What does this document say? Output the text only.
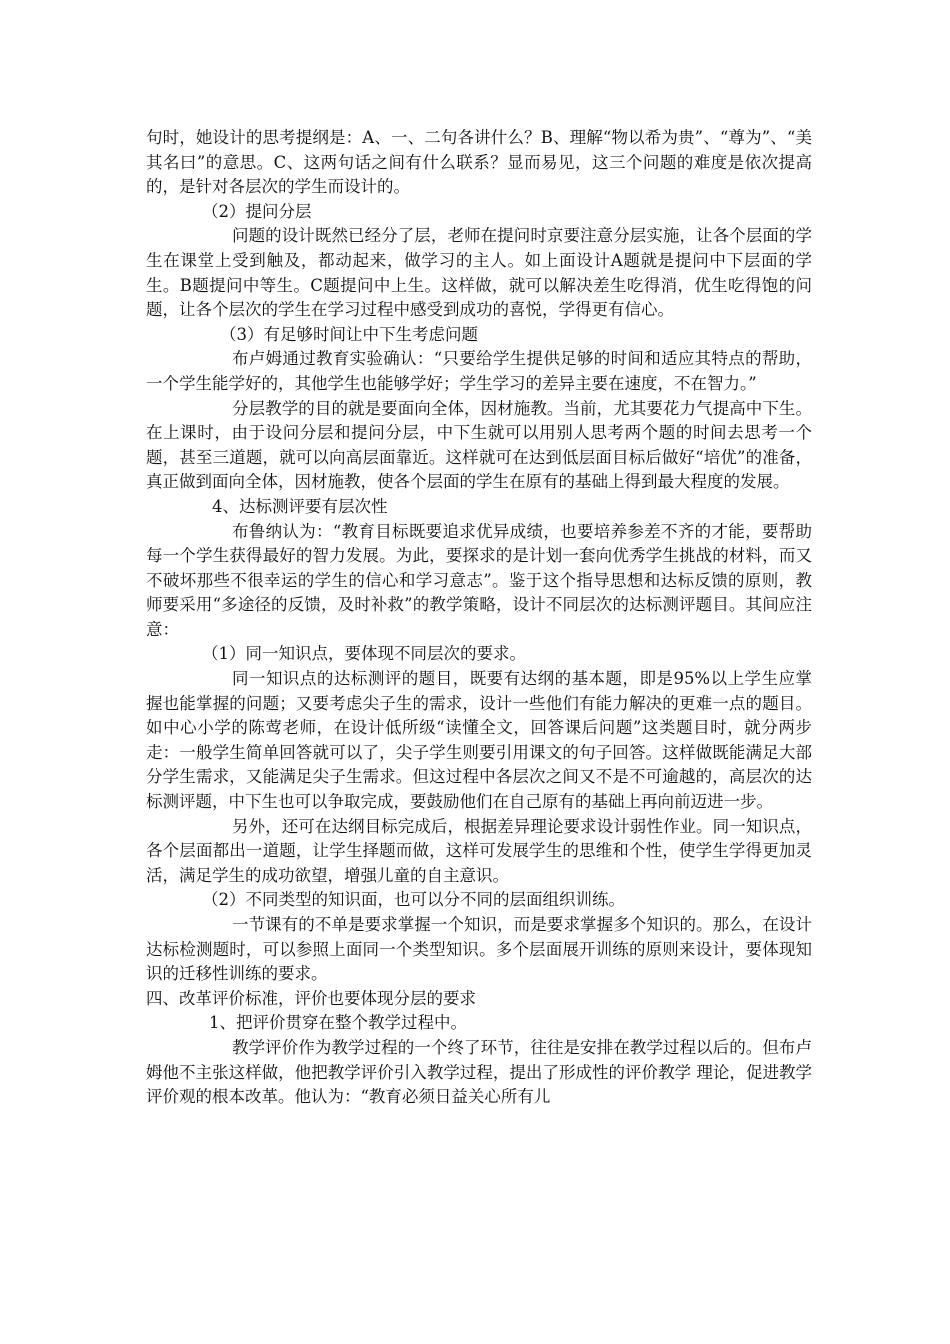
句时，她设计的思考提纲是：A、一、二句各讲什么？B、理解“物以希为贵”、“尊为”、“美其名曰”的意思。C、这两句话之间有什么联系？显而易见，这三个问题的难度是依次提高的，是针对各层次的学生而设计的。

（2）提问分层

问题的设计既然已经分了层，老师在提问时京要注意分层实施，让各个层面的学生在课堂上受到触及，都动起来，做学习的主人。如上面设计A题就是提问中下层面的学生。B题提问中等生。C题提问中上生。这样做，就可以解决差生吃得消，优生吃得饱的问题，让各个层次的学生在学习过程中感受到成功的喜悦，学得更有信心。

（3）有足够时间让中下生考虑问题

布卢姆通过教育实验确认：“只要给学生提供足够的时间和适应其特点的帮助，一个学生能学好的，其他学生也能够学好；学生学习的差异主要在速度，不在智力。”

分层教学的目的就是要面向全体，因材施教。当前，尤其要花力气提高中下生。在上课时，由于设问分层和提问分层，中下生就可以用别人思考两个题的时间去思考一个题，甚至三道题，就可以向高层面靠近。这样就可在达到低层面目标后做好“培优”的准备，真正做到面向全体，因材施教，使各个层面的学生在原有的基础上得到最大程度的发展。

4、达标测评要有层次性

布鲁纳认为：“教育目标既要追求优异成绩，也要培养参差不齐的才能，要帮助每一个学生获得最好的智力发展。为此，要探求的是计划一套向优秀学生挑战的材料，而又不破坏那些不很幸运的学生的信心和学习意志”。鉴于这个指导思想和达标反馈的原则，教师要采用“多途径的反馈，及时补救”的教学策略，设计不同层次的达标测评题目。其间应注意：

（1）同一知识点，要体现不同层次的要求。

同一知识点的达标测评的题目，既要有达纲的基本题，即是95%以上学生应掌握也能掌握的问题；又要考虑尖子生的需求，设计一些他们有能力解决的更难一点的题目。如中心小学的陈莺老师，在设计低所级“读懂全文，回答课后问题”这类题目时，就分两步走：一般学生简单回答就可以了，尖子学生则要引用课文的句子回答。这样做既能满足大部分学生需求，又能满足尖子生需求。但这过程中各层次之间又不是不可逾越的，高层次的达标测评题，中下生也可以争取完成，要鼓励他们在自己原有的基础上再向前迈进一步。

另外，还可在达纲目标完成后，根据差异理论要求设计弱性作业。同一知识点，各个层面都出一道题，让学生择题而做，这样可发展学生的思维和个性，使学生学得更加灵活，满足学生的成功欲望，增强儿童的自主意识。

（2）不同类型的知识面，也可以分不同的层面组织训练。

一节课有的不单是要求掌握一个知识，而是要求掌握多个知识的。那么，在设计达标检测题时，可以参照上面同一个类型知识。多个层面展开训练的原则来设计，要体现知识的迁移性训练的要求。

四、改革评价标准，评价也要体现分层的要求

1、把评价贯穿在整个教学过程中。

教学评价作为教学过程的一个终了环节，往往是安排在教学过程以后的。但布卢姆他不主张这样做，他把教学评价引入教学过程，提出了形成性的评价教学 理论，促进教学评价观的根本改革。他认为：“教育必须日益关心所有儿
